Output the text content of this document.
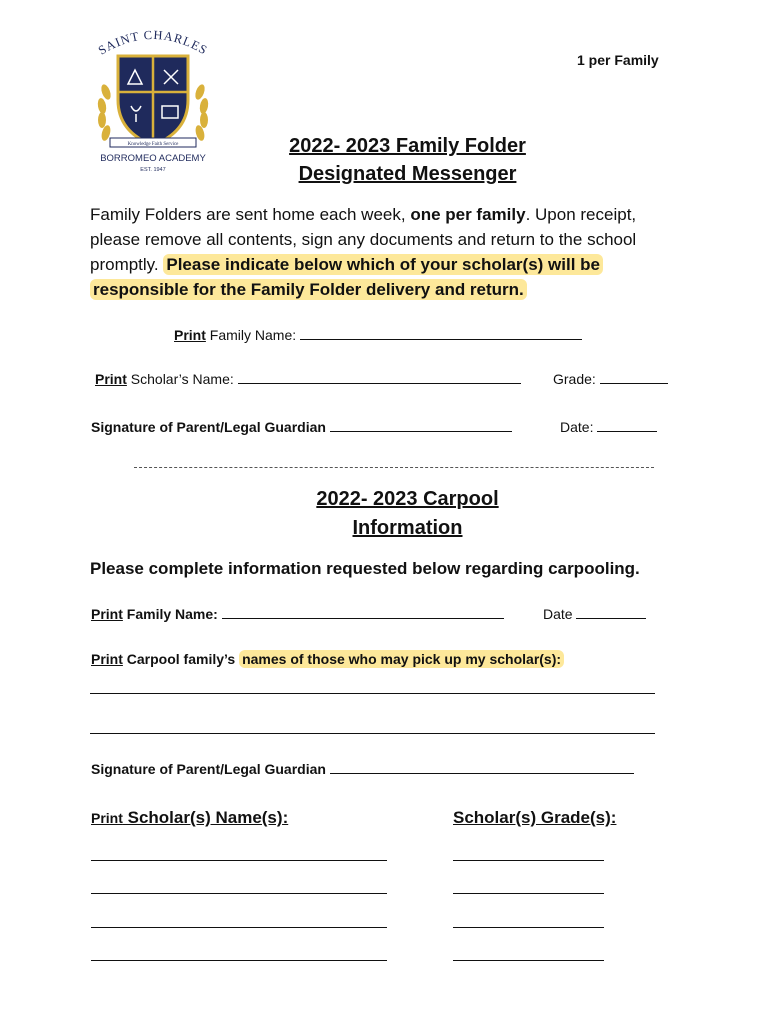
SAINT CHARLES
Knowledge Faith Service
BORROMEO ACADEMY
EST. 1947
1 per Family
2022- 2023 Family Folder
Designated Messenger
Family Folders are sent home each week, one per family. Upon receipt, please remove all contents, sign any documents and return to the school promptly. Please indicate below which of your scholar(s) will be responsible for the Family Folder delivery and return.
Print Family Name:
Print Scholar’s Name:	Grade:
Signature of Parent/Legal Guardian	Date:
2022- 2023 Carpool
Information
Please complete information requested below regarding carpooling.
Print Family Name:	Date
Print Carpool family’s names of those who may pick up my scholar(s):
Signature of Parent/Legal Guardian
Print Scholar(s) Name(s):	Scholar(s) Grade(s):
